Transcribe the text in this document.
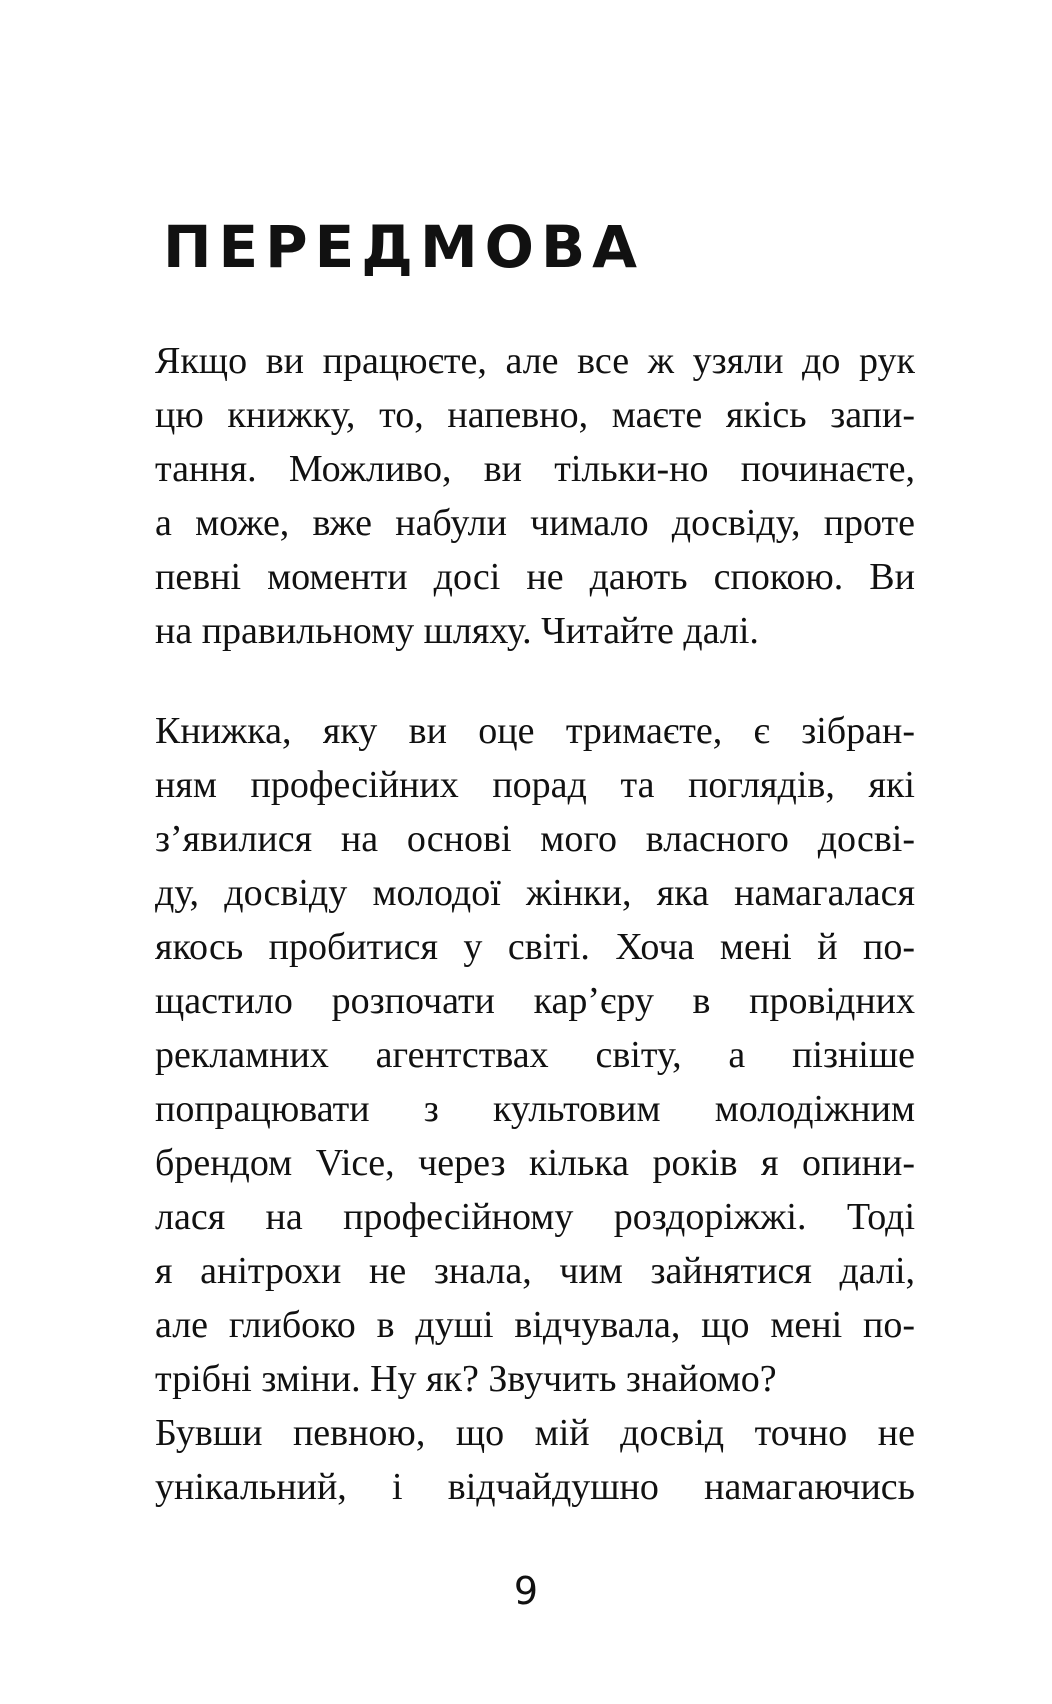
ПЕРЕДМОВА
Якщо ви працюєте, але все ж узяли до рук
цю книжку, то, напевно, маєте якісь запи-
тання. Можливо, ви тільки-но починаєте,
а може, вже набули чимало досвіду, проте
певні моменти досі не дають спокою. Ви
на правильному шляху. Читайте далі.
Книжка, яку ви оце тримаєте, є зібран-
ням професійних порад та поглядів, які
з’явилися на основі мого власного досві-
ду, досвіду молодої жінки, яка намагалася
якось пробитися у світі. Хоча мені й по-
щастило розпочати кар’єру в провідних
рекламних агентствах світу, а пізніше
попрацювати з культовим молодіжним
брендом Vice, через кілька років я опини-
лася на професійному роздоріжжі. Тоді
я анітрохи не знала, чим зайнятися далі,
але глибоко в душі відчувала, що мені по-
трібні зміни. Ну як? Звучить знайомо?
Бувши певною, що мій досвід точно не
унікальний, і відчайдушно намагаючись
9
